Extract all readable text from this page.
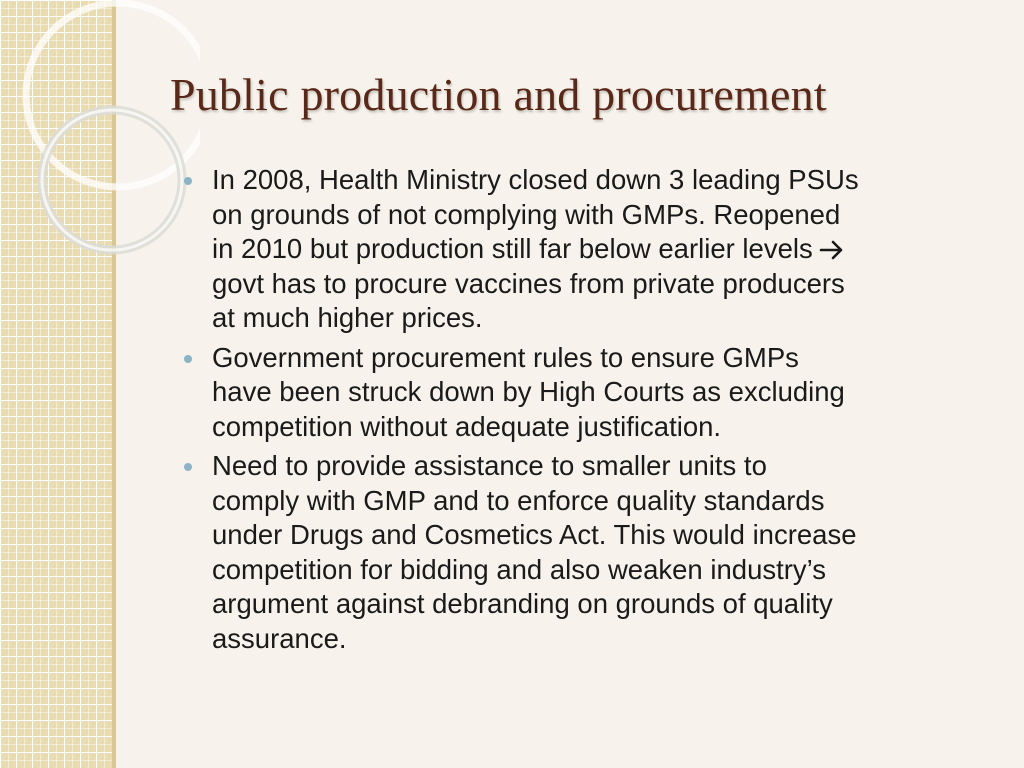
Public production and procurement
In 2008, Health Ministry closed down 3 leading PSUs
on grounds of not complying with GMPs. Reopened
in 2010 but production still far below earlier levels
govt has to procure vaccines from private producers
at much higher prices.
Government procurement rules to ensure GMPs
have been struck down by High Courts as excluding
competition without adequate justification.
Need to provide assistance to smaller units to
comply with GMP and to enforce quality standards
under Drugs and Cosmetics Act. This would increase
competition for bidding and also weaken industry’s
argument against debranding on grounds of quality
assurance.
